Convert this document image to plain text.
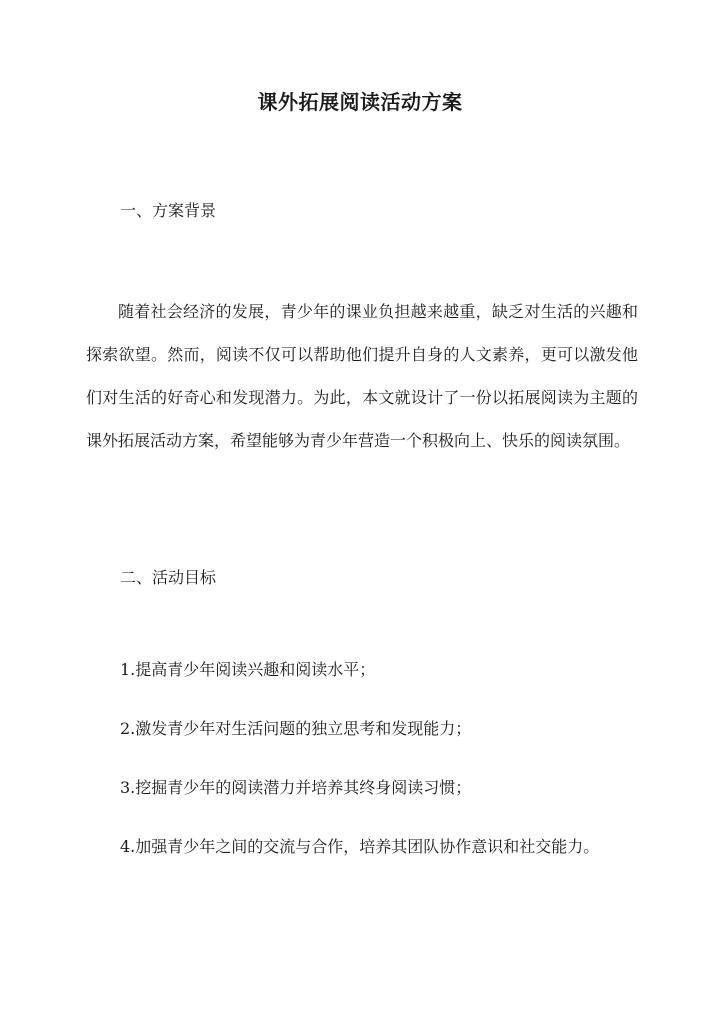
课外拓展阅读活动方案
一、方案背景

随着社会经济的发展，青少年的课业负担越来越重，缺乏对生活的兴趣和探索欲望。然而，阅读不仅可以帮助他们提升自身的人文素养，更可以激发他们对生活的好奇心和发现潜力。为此，本文就设计了一份以拓展阅读为主题的课外拓展活动方案，希望能够为青少年营造一个积极向上、快乐的阅读氛围。

二、活动目标
1.提高青少年阅读兴趣和阅读水平；
2.激发青少年对生活问题的独立思考和发现能力；
3.挖掘青少年的阅读潜力并培养其终身阅读习惯；
4.加强青少年之间的交流与合作，培养其团队协作意识和社交能力。
